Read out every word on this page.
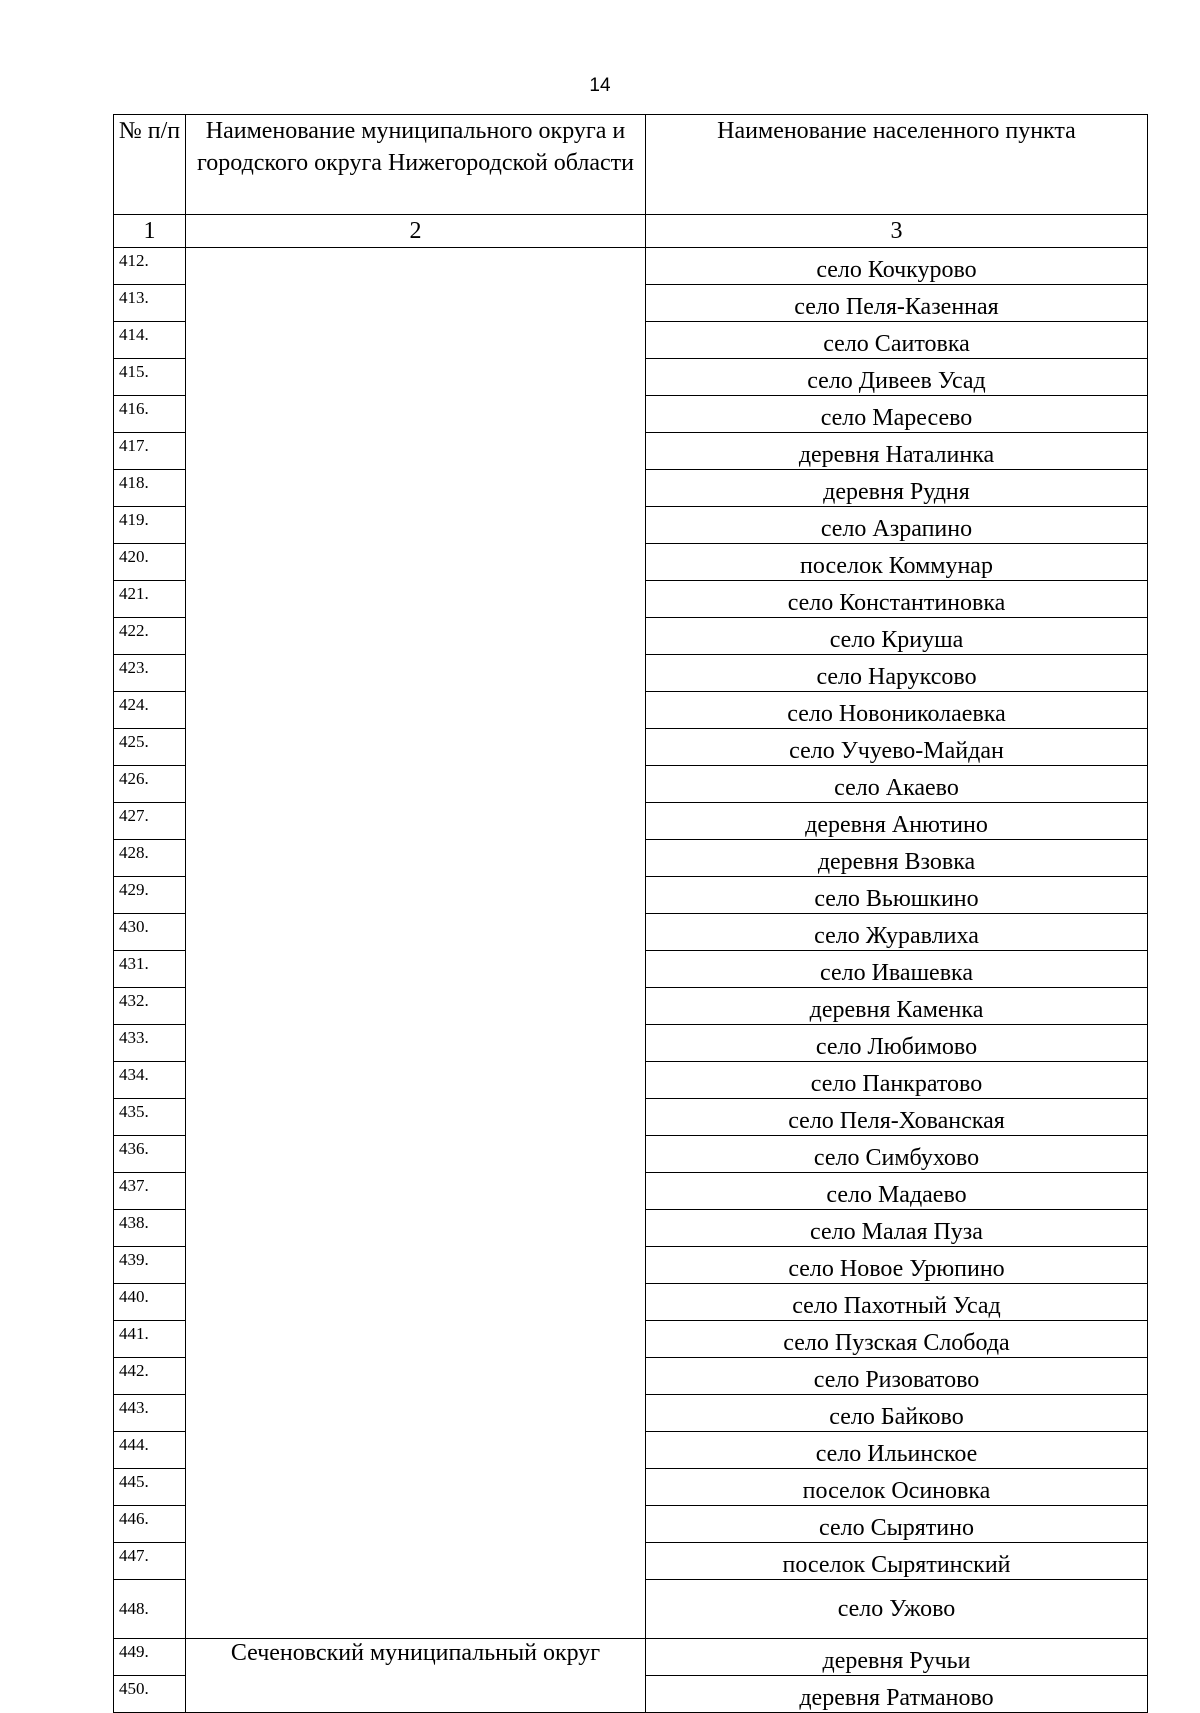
14
№ п/п	Наименование муниципального округа и городского округа Нижегородской области	Наименование населенного пункта
1	2	3
412.		село Кочкурово
413.		село Пеля-Казенная
414.		село Саитовка
415.		село Дивеев Усад
416.		село Маресево
417.		деревня Наталинка
418.		деревня Рудня
419.		село Азрапино
420.		поселок Коммунар
421.		село Константиновка
422.		село Криуша
423.		село Наруксово
424.		село Новониколаевка
425.		село Учуево-Майдан
426.		село Акаево
427.		деревня Анютино
428.		деревня Взовка
429.		село Вьюшкино
430.		село Журавлиха
431.		село Ивашевка
432.		деревня Каменка
433.		село Любимово
434.		село Панкратово
435.		село Пеля-Хованская
436.		село Симбухово
437.		село Мадаево
438.		село Малая Пуза
439.		село Новое Урюпино
440.		село Пахотный Усад
441.		село Пузская Слобода
442.		село Ризоватово
443.		село Байково
444.		село Ильинское
445.		поселок Осиновка
446.		село Сырятино
447.		поселок Сырятинский
448.		село Ужово
449.	Сеченовский муниципальный округ	деревня Ручьи
450.		деревня Ратманово
